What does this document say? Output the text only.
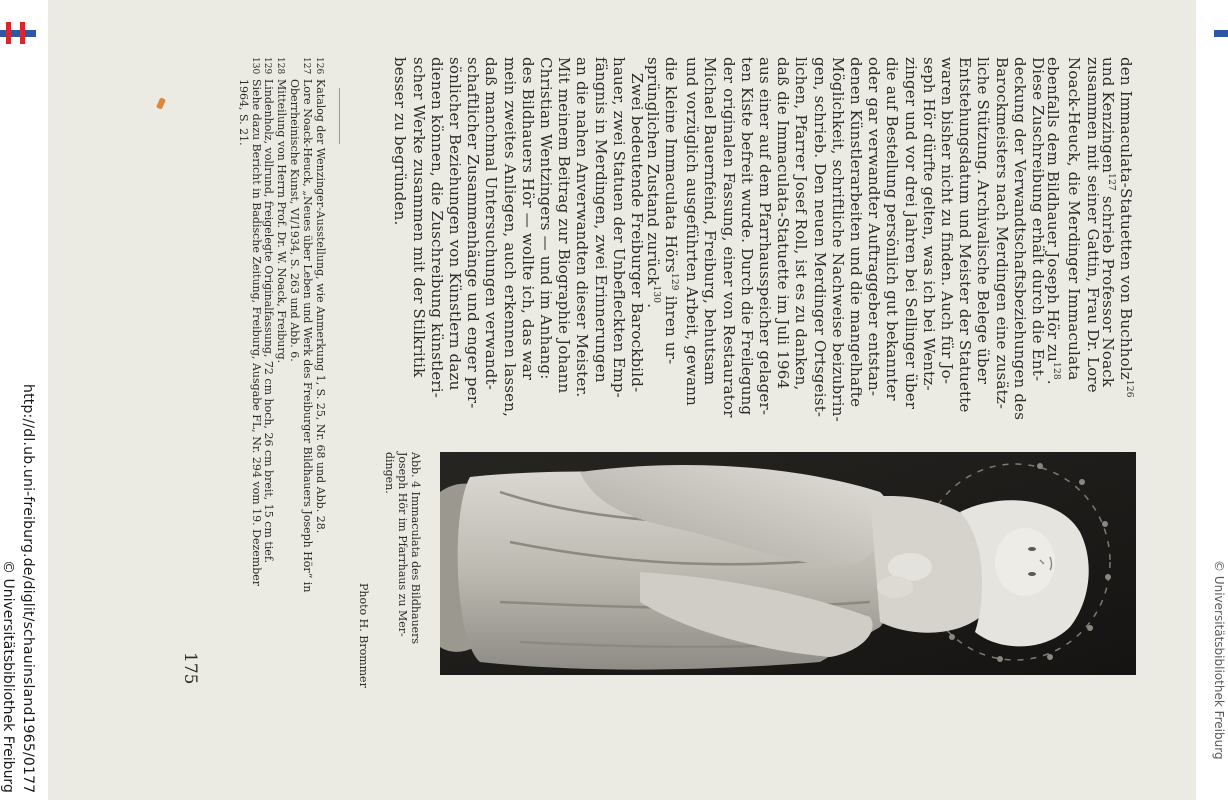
http://dl.ub.uni-freiburg.de/diglit/schauinsland1965/0177
© Universitätsbibliothek Freiburg	© Universitätsbibliothek Freiburg
den Immaculata-Statuetten von Buchholz$^{126}$
und Kenzingen$^{127}$ schrieb Professor Noack
zusammen mit seiner Gattin, Frau Dr. Lore
Noack-Heuck, die Merdinger Immaculata
ebenfalls dem Bildhauer Joseph Hör $zu^{128}$.
Diese Zuschreibung erhält durch die Ent-
deckung der Verwandtschaftsbeziehungen des
Barockmeisters nach Merdingen eine zusätz-
liche Stützung. Archivalische Belege über
Entstehungsdatum und Meister der Statuette
waren bisher nicht zu finden. Auch für Jo-
seph Hör dürfte gelten, was ich bei Wentz-
zinger und vor drei Jahren bei Sellinger über
die auf Bestellung persönlich gut bekannter
oder gar verwandter Auftraggeber entstan-
denen Künstlerarbeiten und die mangelhafte
Möglichkeit, schriftliche Nachweise beizubrin-
gen, schrieb. Den neuen Merdinger Ortsgeist-
lichen, Pfarrer Josef Roll, ist es zu danken,
daß die Immaculata-Statuette im Juli 1964
aus einer auf dem Pfarrhausspeicher gelager-
ten Kiste befreit wurde. Durch die Freilegung
der originalen Fassung, einer von Restaurator
Michael Bauernfeind, Freiburg, behutsam
und vorzüglich ausgeführten Arbeit, gewann
die kleine Immaculata Hörs$^{129}$ ihren ur-
sprünglichen Zustand zurück$^{130}$.
Zwei bedeutende Freiburger Barockbild-
hauer, zwei Statuen der Unbefleckten Emp-
fängnis in Merdingen, zwei Erinnerungen
an die nahen Anverwandten dieser Meister.
Mit meinem Beitrag zur Biographie Johann
Christian Wentzingers — und im Anhang:
des Bildhauers Hör — wollte ich, das war
mein zweites Anliegen, auch erkennen lassen,
daß manchmal Untersuchungen verwandt-
schaftlicher Zusammenhänge und enger per-
sönlicher Beziehungen von Künstlern dazu
dienen können, die Zuschreibung künstleri-
scher Werke zusammen mit der Stilkritik
besser zu begründen.
126Katalog der Wenzinger-Ausstellung, wie Anmerkung 1, S. 25, Nr. 68 und Abb. 28.
127Lore Noack-Heuck, „Neues über Leben und Werk des Freiburger Bildhauers Joseph Hör“ in
Oberrheinische Kunst, VI/1934, S. 263 und Abb. 6.
128Mitteilung von Herrn Prof. Dr. W. Noack, Freiburg.
129Lindenholz, vollrund, freigelegte Originalfassung, 72 cm hoch, 26 cm breit, 15 cm tief.
130Siehe dazu Bericht in Badische Zeitung, Freiburg, Ausgabe FL, Nr. 294 vom 19. Dezember
1964, S. 21.
175
Abb. 4 Immaculata des Bildhauers
Joseph Hör im Pfarrhaus zu Mer-
dingen.
Photo H. Brommer
